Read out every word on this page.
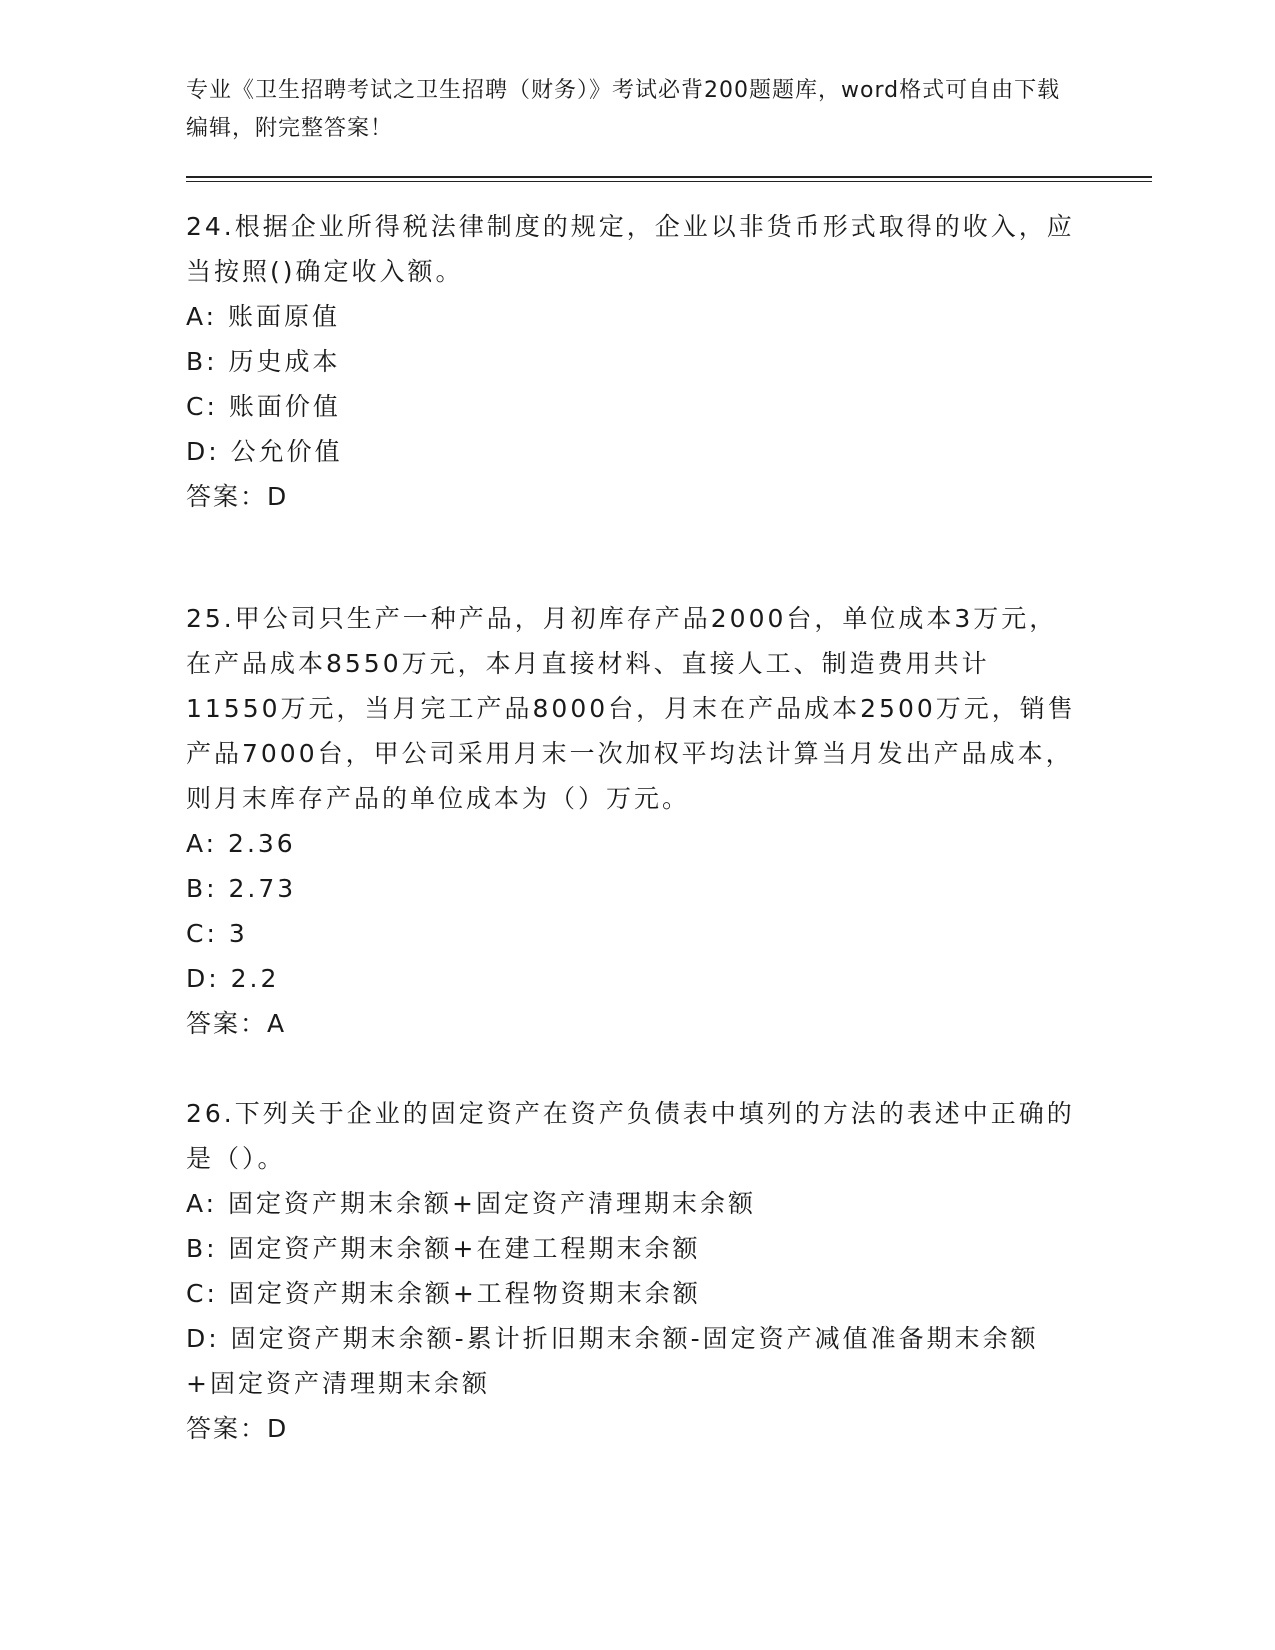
专业《卫生招聘考试之卫生招聘（财务）》考试必背200题题库，word格式可自由下载编辑，附完整答案！

24.根据企业所得税法律制度的规定，企业以非货币形式取得的收入，应当按照()确定收入额。

A: 账面原值

B: 历史成本

C: 账面价值

D: 公允价值

答案：D

25.甲公司只生产一种产品，月初库存产品2000台，单位成本3万元，在产品成本8550万元，本月直接材料、直接人工、制造费用共计11550万元，当月完工产品8000台，月末在产品成本2500万元，销售产品7000台，甲公司采用月末一次加权平均法计算当月发出产品成本，则月末库存产品的单位成本为（）万元。

A: 2.36

B: 2.73

C: 3

D: 2.2

答案：A

26.下列关于企业的固定资产在资产负债表中填列的方法的表述中正确的是（）。

A: 固定资产期末余额+固定资产清理期末余额

B: 固定资产期末余额+在建工程期末余额

C: 固定资产期末余额+工程物资期末余额

D: 固定资产期末余额-累计折旧期末余额-固定资产减值准备期末余额+固定资产清理期末余额

答案：D
